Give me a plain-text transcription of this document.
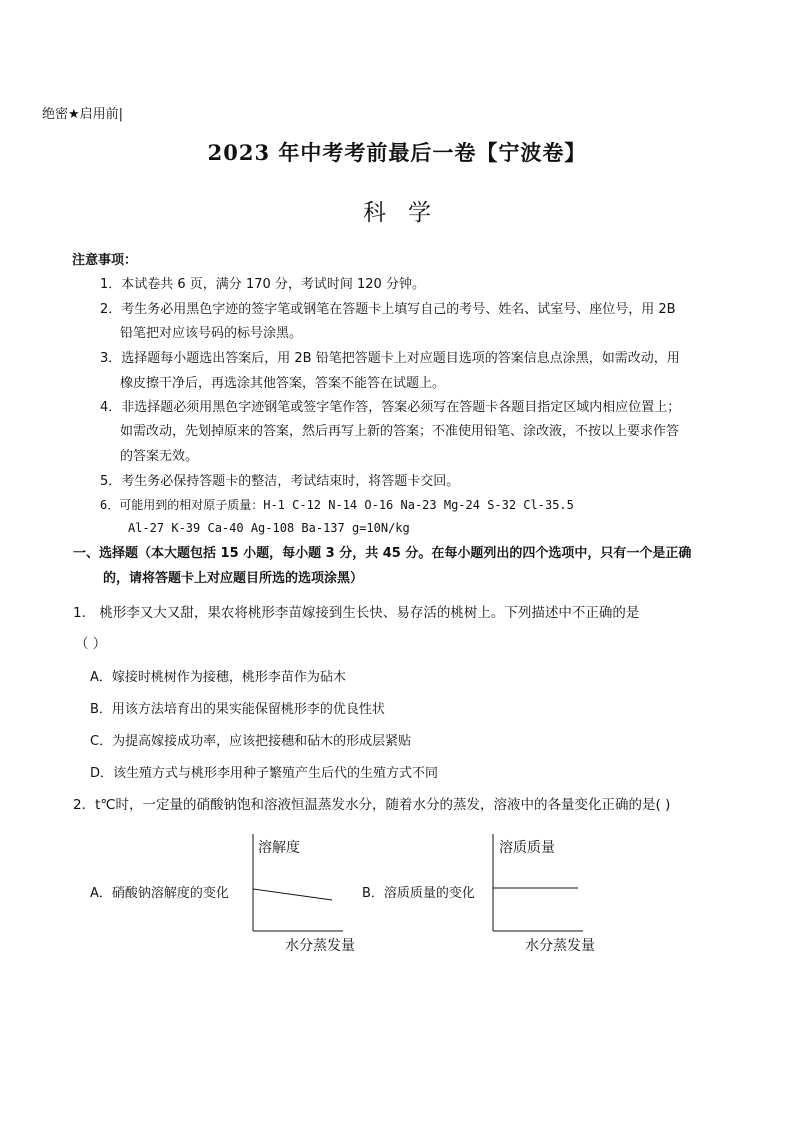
绝密★启用前|
2023 年中考考前最后一卷【宁波卷】
科学
注意事项：
1．本试卷共 6 页，满分 170 分，考试时间 120 分钟。
2．考生务必用黑色字迹的签字笔或钢笔在答题卡上填写自己的考号、姓名、试室号、座位号，用 2B
铅笔把对应该号码的标号涂黑。
3．选择题每小题选出答案后，用 2B 铅笔把答题卡上对应题目选项的答案信息点涂黑，如需改动，用
橡皮擦干净后，再选涂其他答案，答案不能答在试题上。
4．非选择题必须用黑色字迹钢笔或签字笔作答，答案必须写在答题卡各题目指定区域内相应位置上；
如需改动，先划掉原来的答案，然后再写上新的答案；不准使用铅笔、涂改液，不按以上要求作答
的答案无效。
5．考生务必保持答题卡的整洁，考试结束时，将答题卡交回。
6．可能用到的相对原子质量：H-1 C-12 N-14 O-16 Na-23 Mg-24 S-32 Cl-35.5
Al-27 K-39 Ca-40 Ag-108 Ba-137 g=10N/kg
一、选择题（本大题包括 15 小题，每小题 3 分，共 45 分。在每小题列出的四个选项中，只有一个是正确
的，请将答题卡上对应题目所选的选项涂黑）
1． 桃形李又大又甜，果农将桃形李苗嫁接到生长快、易存活的桃树上。下列描述中不正确的是
（ ）
A．嫁接时桃树作为接穗，桃形李苗作为砧木
B．用该方法培育出的果实能保留桃形李的优良性状
C．为提高嫁接成功率，应该把接穗和砧木的形成层紧贴
D．该生殖方式与桃形李用种子繁殖产生后代的生殖方式不同
2．t℃时，一定量的硝酸钠饱和溶液恒温蒸发水分，随着水分的蒸发，溶液中的各量变化正确的是( )
A．硝酸钠溶解度的变化
溶解度
水分蒸发量
B．溶质质量的变化
溶质质量
水分蒸发量
